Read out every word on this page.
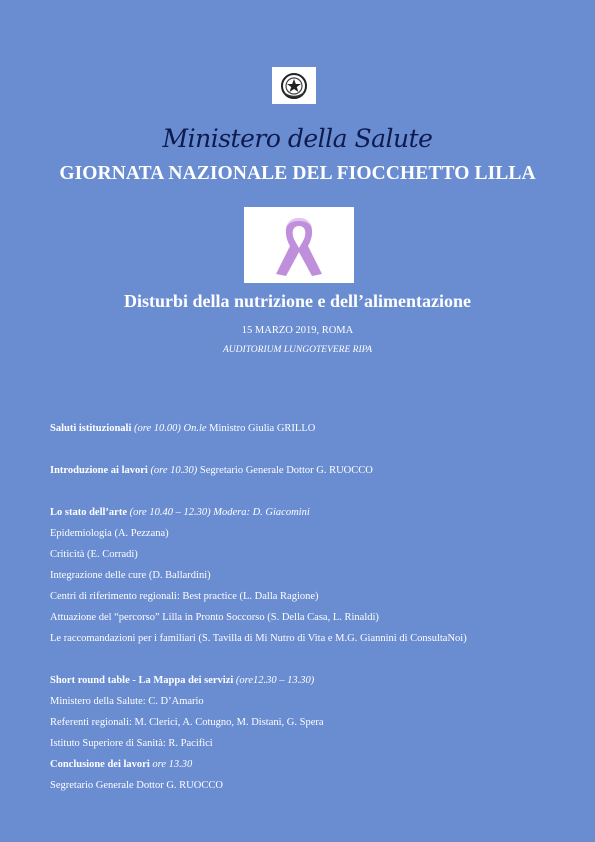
Ministero della Salute
GIORNATA NAZIONALE DEL FIOCCHETTO LILLA
Disturbi della nutrizione e dell’alimentazione
15 MARZO 2019, ROMA
AUDITORIUM LUNGOTEVERE RIPA
Saluti istituzionali (ore 10.00) On.le Ministro Giulia GRILLO
Introduzione ai lavori (ore 10.30) Segretario Generale Dottor G. RUOCCO
Lo stato dell’arte (ore 10.40 – 12.30) Modera: D. Giacomini
Epidemiologia (A. Pezzana)
Criticità (E. Corradi)
Integrazione delle cure (D. Ballardini)
Centri di riferimento regionali: Best practice (L. Dalla Ragione)
Attuazione del “percorso” Lilla in Pronto Soccorso (S. Della Casa, L. Rinaldi)
Le raccomandazioni per i familiari (S. Tavilla di Mi Nutro di Vita e M.G. Giannini di ConsultaNoi)
Short round table - La Mappa dei servizi (ore12.30 – 13.30)
Ministero della Salute: C. D’Amario
Referenti regionali: M. Clerici, A. Cotugno, M. Distani, G. Spera
Istituto Superiore di Sanità: R. Pacifici
Conclusione dei lavori ore 13.30
Segretario Generale Dottor G. RUOCCO
